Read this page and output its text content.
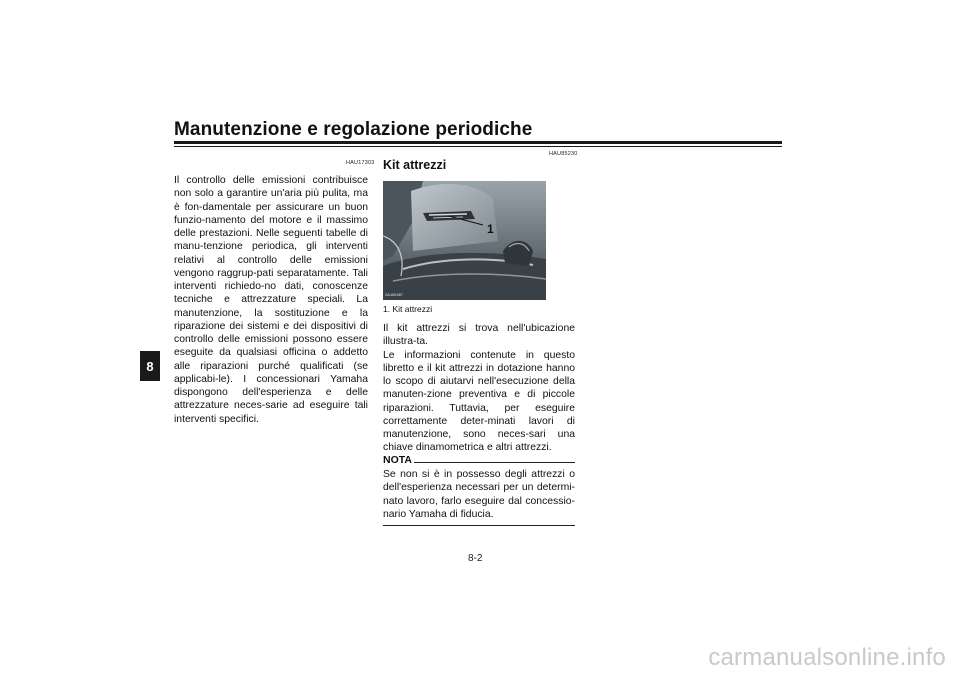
Manutenzione e regolazione periodiche
8
HAU17303
Il controllo delle emissioni contribuisce non solo a garantire un'aria più pulita, ma è fon-damentale per assicurare un buon funzio-namento del motore e il massimo delle prestazioni. Nelle seguenti tabelle di manu-tenzione periodica, gli interventi relativi al controllo delle emissioni vengono raggrup-pati separatamente. Tali interventi richiedo-no dati, conoscenze tecniche e attrezzature speciali. La manutenzione, la sostituzione e la riparazione dei sistemi e dei dispositivi di controllo delle emissioni possono essere eseguite da qualsiasi officina o addetto alle riparazioni purché qualificati (se applicabi-le). I concessionari Yamaha dispongono dell'esperienza e delle attrezzature neces-sarie ad eseguire tali interventi specifici.
HAU85230
Kit attrezzi
1
ZAUM1687
1. Kit attrezzi
Il kit attrezzi si trova nell'ubicazione illustra-ta.
Le informazioni contenute in questo libretto e il kit attrezzi in dotazione hanno lo scopo di aiutarvi nell'esecuzione della manuten-zione preventiva e di piccole riparazioni. Tuttavia, per eseguire correttamente deter-minati lavori di manutenzione, sono neces-sari una chiave dinamometrica e altri attrezzi.
NOTA
Se non si è in possesso degli attrezzi o dell'esperienza necessari per un determi-nato lavoro, farlo eseguire dal concessio-nario Yamaha di fiducia.
8-2
carmanualsonline.info
